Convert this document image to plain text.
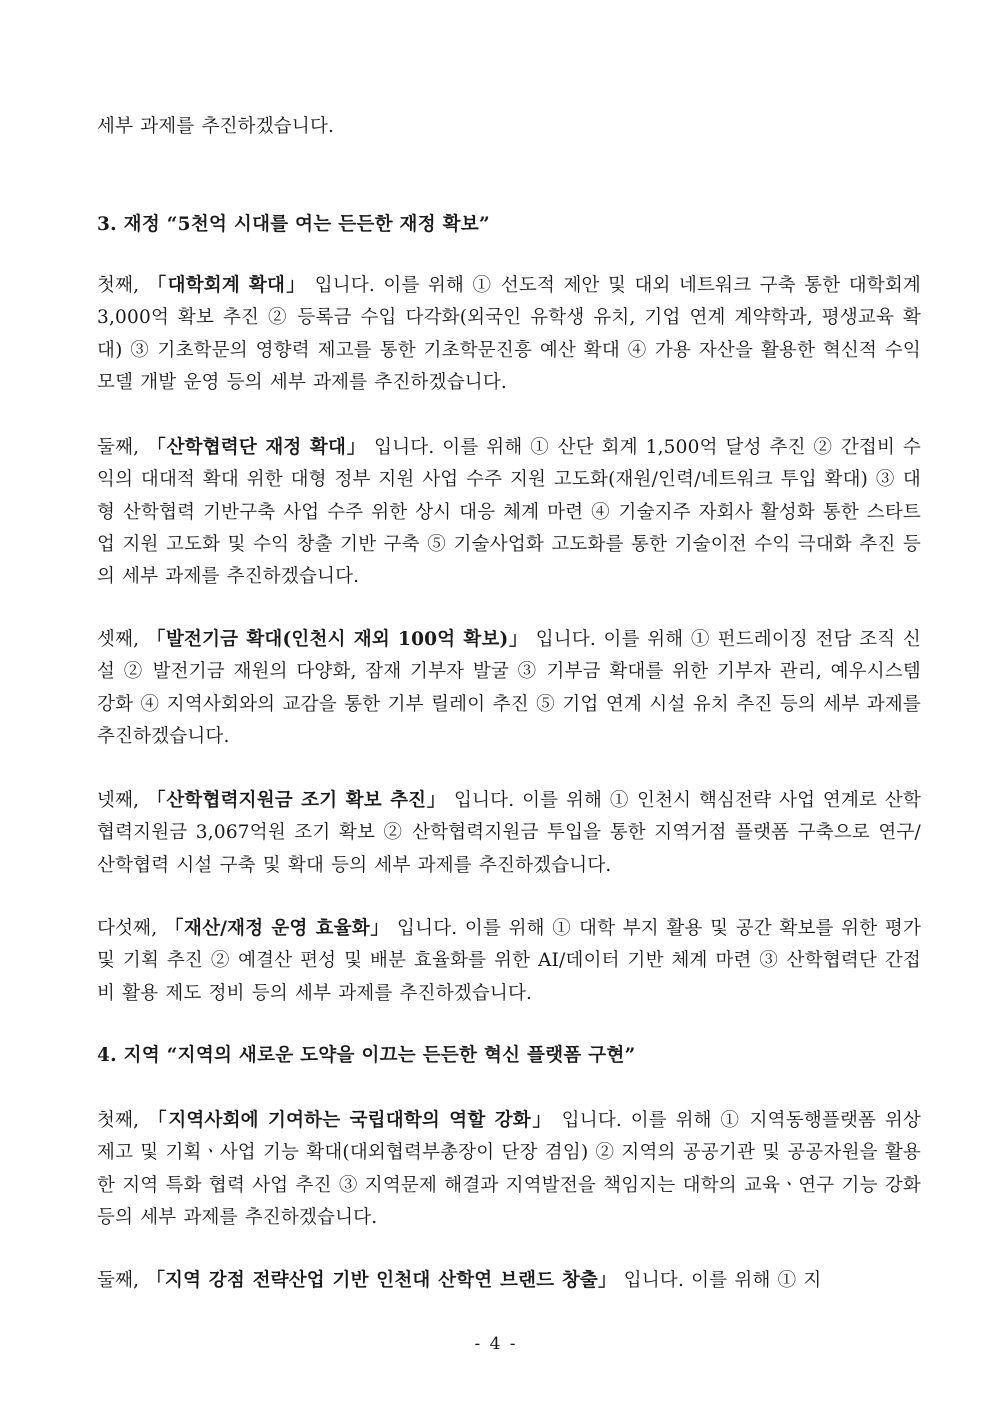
세부 과제를 추진하겠습니다.
3. 재정 “5천억 시대를 여는 든든한 재정 확보”
첫째, 「대학회계 확대」 입니다. 이를 위해 ① 선도적 제안 및 대외 네트워크 구축 통한 대학회계 3,000억 확보 추진 ② 등록금 수입 다각화(외국인 유학생 유치, 기업 연계 계약학과, 평생교육 확대) ③ 기초학문의 영향력 제고를 통한 기초학문진흥 예산 확대 ④ 가용 자산을 활용한 혁신적 수익 모델 개발 운영 등의 세부 과제를 추진하겠습니다.
둘째, 「산학협력단 재정 확대」 입니다. 이를 위해 ① 산단 회계 1,500억 달성 추진 ② 간접비 수익의 대대적 확대 위한 대형 정부 지원 사업 수주 지원 고도화(재원/인력/네트워크 투입 확대) ③ 대형 산학협력 기반구축 사업 수주 위한 상시 대응 체계 마련 ④ 기술지주 자회사 활성화 통한 스타트업 지원 고도화 및 수익 창출 기반 구축 ⑤ 기술사업화 고도화를 통한 기술이전 수익 극대화 추진 등의 세부 과제를 추진하겠습니다.
셋째, 「발전기금 확대(인천시 재외 100억 확보)」 입니다. 이를 위해 ① 펀드레이징 전담 조직 신설 ② 발전기금 재원의 다양화, 잠재 기부자 발굴 ③ 기부금 확대를 위한 기부자 관리, 예우시스템 강화 ④ 지역사회와의 교감을 통한 기부 릴레이 추진 ⑤ 기업 연계 시설 유치 추진 등의 세부 과제를 추진하겠습니다.
넷째, 「산학협력지원금 조기 확보 추진」 입니다. 이를 위해 ① 인천시 핵심전략 사업 연계로 산학협력지원금 3,067억원 조기 확보 ② 산학협력지원금 투입을 통한 지역거점 플랫폼 구축으로 연구/산학협력 시설 구축 및 확대 등의 세부 과제를 추진하겠습니다.
다섯째, 「재산/재정 운영 효율화」 입니다. 이를 위해 ① 대학 부지 활용 및 공간 확보를 위한 평가 및 기획 추진 ② 예결산 편성 및 배분 효율화를 위한 AI/데이터 기반 체계 마련 ③ 산학협력단 간접비 활용 제도 정비 등의 세부 과제를 추진하겠습니다.
4. 지역 “지역의 새로운 도약을 이끄는 든든한 혁신 플랫폼 구현”
첫째, 「지역사회에 기여하는 국립대학의 역할 강화」 입니다. 이를 위해 ① 지역동행플랫폼 위상 제고 및 기획ㆍ사업 기능 확대(대외협력부총장이 단장 겸임) ② 지역의 공공기관 및 공공자원을 활용한 지역 특화 협력 사업 추진 ③ 지역문제 해결과 지역발전을 책임지는 대학의 교육ㆍ연구 기능 강화 등의 세부 과제를 추진하겠습니다.
둘째, 「지역 강점 전략산업 기반 인천대 산학연 브랜드 창출」 입니다. 이를 위해 ① 지
- 4 -
